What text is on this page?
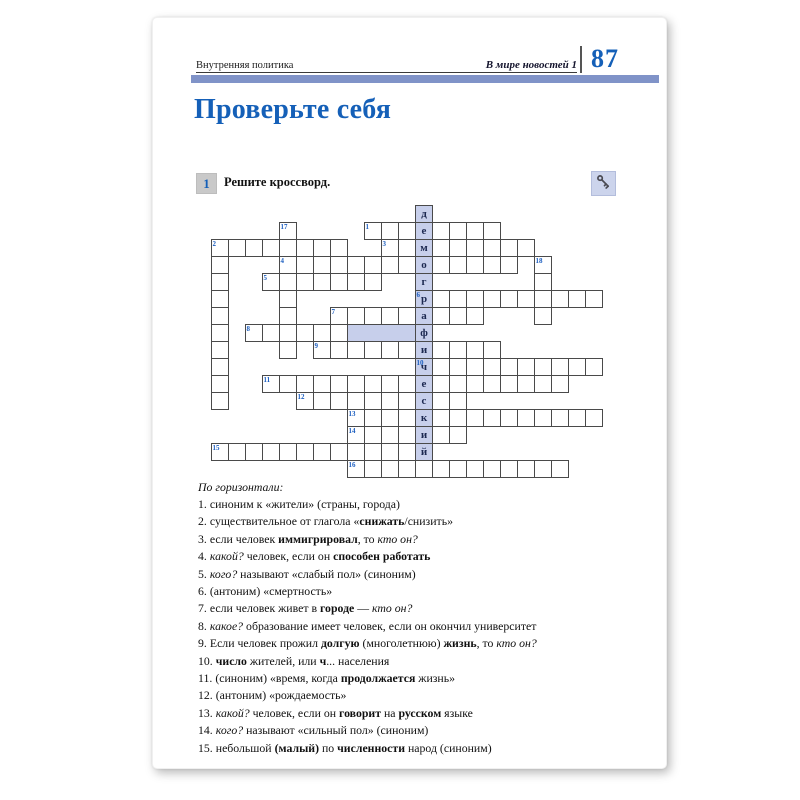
Внутренняя политика	В мире новостей 1 87
Проверьте себя
1	Решите кроссворд.
д
е
м
о
г
р
а
ф
и
ч
е
с
к
и
й
1
2	3
4
5
6
7
8
9
10
11
12
13
14
15
16
17
18
По горизонтали:
1. синоним к «жители» (страны, города)
2. существительное от глагола «снижать/снизить»
3. если человек иммигрировал, то кто он?
4. какой? человек, если он способен работать
5. кого? называют «слабый пол» (синоним)
6. (антоним) «смертность»
7. если человек живет в городе — кто он?
8. какое? образование имеет человек, если он окончил университет
9. Если человек прожил долгую (многолетнюю) жизнь, то кто он?
10. число жителей, или ч... населения
11. (синоним) «время, когда продолжается жизнь»
12. (антоним) «рождаемость»
13. какой? человек, если он говорит на русском языке
14. кого? называют «сильный пол» (синоним)
15. небольшой (малый) по численности народ (синоним)
